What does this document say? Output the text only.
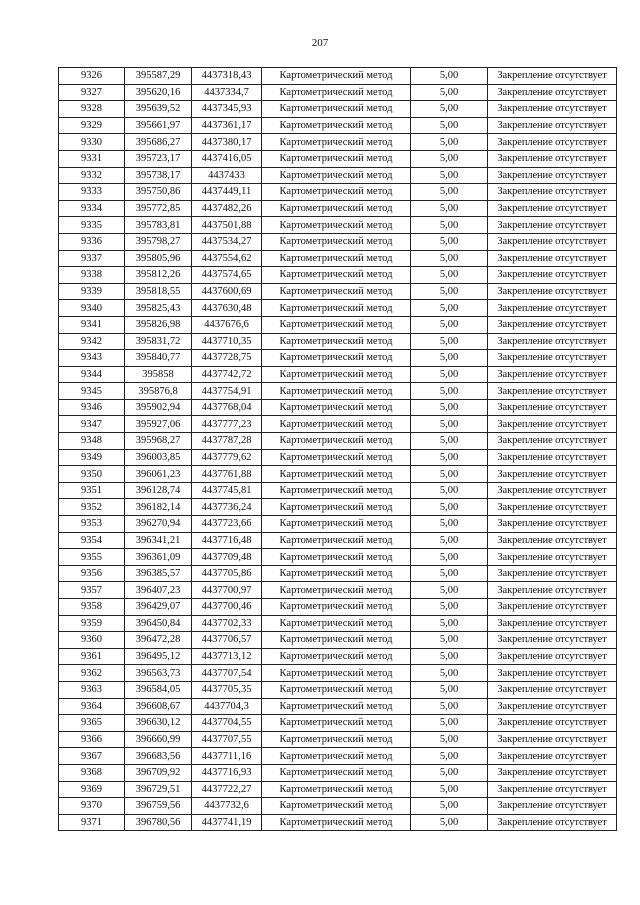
207
9326	395587,29	4437318,43	Картометрический метод	5,00	Закрепление отсутствует
9327	395620,16	4437334,7	Картометрический метод	5,00	Закрепление отсутствует
9328	395639,52	4437345,93	Картометрический метод	5,00	Закрепление отсутствует
9329	395661,97	4437361,17	Картометрический метод	5,00	Закрепление отсутствует
9330	395686,27	4437380,17	Картометрический метод	5,00	Закрепление отсутствует
9331	395723,17	4437416,05	Картометрический метод	5,00	Закрепление отсутствует
9332	395738,17	4437433	Картометрический метод	5,00	Закрепление отсутствует
9333	395750,86	4437449,11	Картометрический метод	5,00	Закрепление отсутствует
9334	395772,85	4437482,26	Картометрический метод	5,00	Закрепление отсутствует
9335	395783,81	4437501,88	Картометрический метод	5,00	Закрепление отсутствует
9336	395798,27	4437534,27	Картометрический метод	5,00	Закрепление отсутствует
9337	395805,96	4437554,62	Картометрический метод	5,00	Закрепление отсутствует
9338	395812,26	4437574,65	Картометрический метод	5,00	Закрепление отсутствует
9339	395818,55	4437600,69	Картометрический метод	5,00	Закрепление отсутствует
9340	395825,43	4437630,48	Картометрический метод	5,00	Закрепление отсутствует
9341	395826,98	4437676,6	Картометрический метод	5,00	Закрепление отсутствует
9342	395831,72	4437710,35	Картометрический метод	5,00	Закрепление отсутствует
9343	395840,77	4437728,75	Картометрический метод	5,00	Закрепление отсутствует
9344	395858	4437742,72	Картометрический метод	5,00	Закрепление отсутствует
9345	395876,8	4437754,91	Картометрический метод	5,00	Закрепление отсутствует
9346	395902,94	4437768,04	Картометрический метод	5,00	Закрепление отсутствует
9347	395927,06	4437777,23	Картометрический метод	5,00	Закрепление отсутствует
9348	395968,27	4437787,28	Картометрический метод	5,00	Закрепление отсутствует
9349	396003,85	4437779,62	Картометрический метод	5,00	Закрепление отсутствует
9350	396061,23	4437761,88	Картометрический метод	5,00	Закрепление отсутствует
9351	396128,74	4437745,81	Картометрический метод	5,00	Закрепление отсутствует
9352	396182,14	4437736,24	Картометрический метод	5,00	Закрепление отсутствует
9353	396270,94	4437723,66	Картометрический метод	5,00	Закрепление отсутствует
9354	396341,21	4437716,48	Картометрический метод	5,00	Закрепление отсутствует
9355	396361,09	4437709,48	Картометрический метод	5,00	Закрепление отсутствует
9356	396385,57	4437705,86	Картометрический метод	5,00	Закрепление отсутствует
9357	396407,23	4437700,97	Картометрический метод	5,00	Закрепление отсутствует
9358	396429,07	4437700,46	Картометрический метод	5,00	Закрепление отсутствует
9359	396450,84	4437702,33	Картометрический метод	5,00	Закрепление отсутствует
9360	396472,28	4437706,57	Картометрический метод	5,00	Закрепление отсутствует
9361	396495,12	4437713,12	Картометрический метод	5,00	Закрепление отсутствует
9362	396563,73	4437707,54	Картометрический метод	5,00	Закрепление отсутствует
9363	396584,05	4437705,35	Картометрический метод	5,00	Закрепление отсутствует
9364	396608,67	4437704,3	Картометрический метод	5,00	Закрепление отсутствует
9365	396630,12	4437704,55	Картометрический метод	5,00	Закрепление отсутствует
9366	396660,99	4437707,55	Картометрический метод	5,00	Закрепление отсутствует
9367	396683,56	4437711,16	Картометрический метод	5,00	Закрепление отсутствует
9368	396709,92	4437716,93	Картометрический метод	5,00	Закрепление отсутствует
9369	396729,51	4437722,27	Картометрический метод	5,00	Закрепление отсутствует
9370	396759,56	4437732,6	Картометрический метод	5,00	Закрепление отсутствует
9371	396780,56	4437741,19	Картометрический метод	5,00	Закрепление отсутствует
